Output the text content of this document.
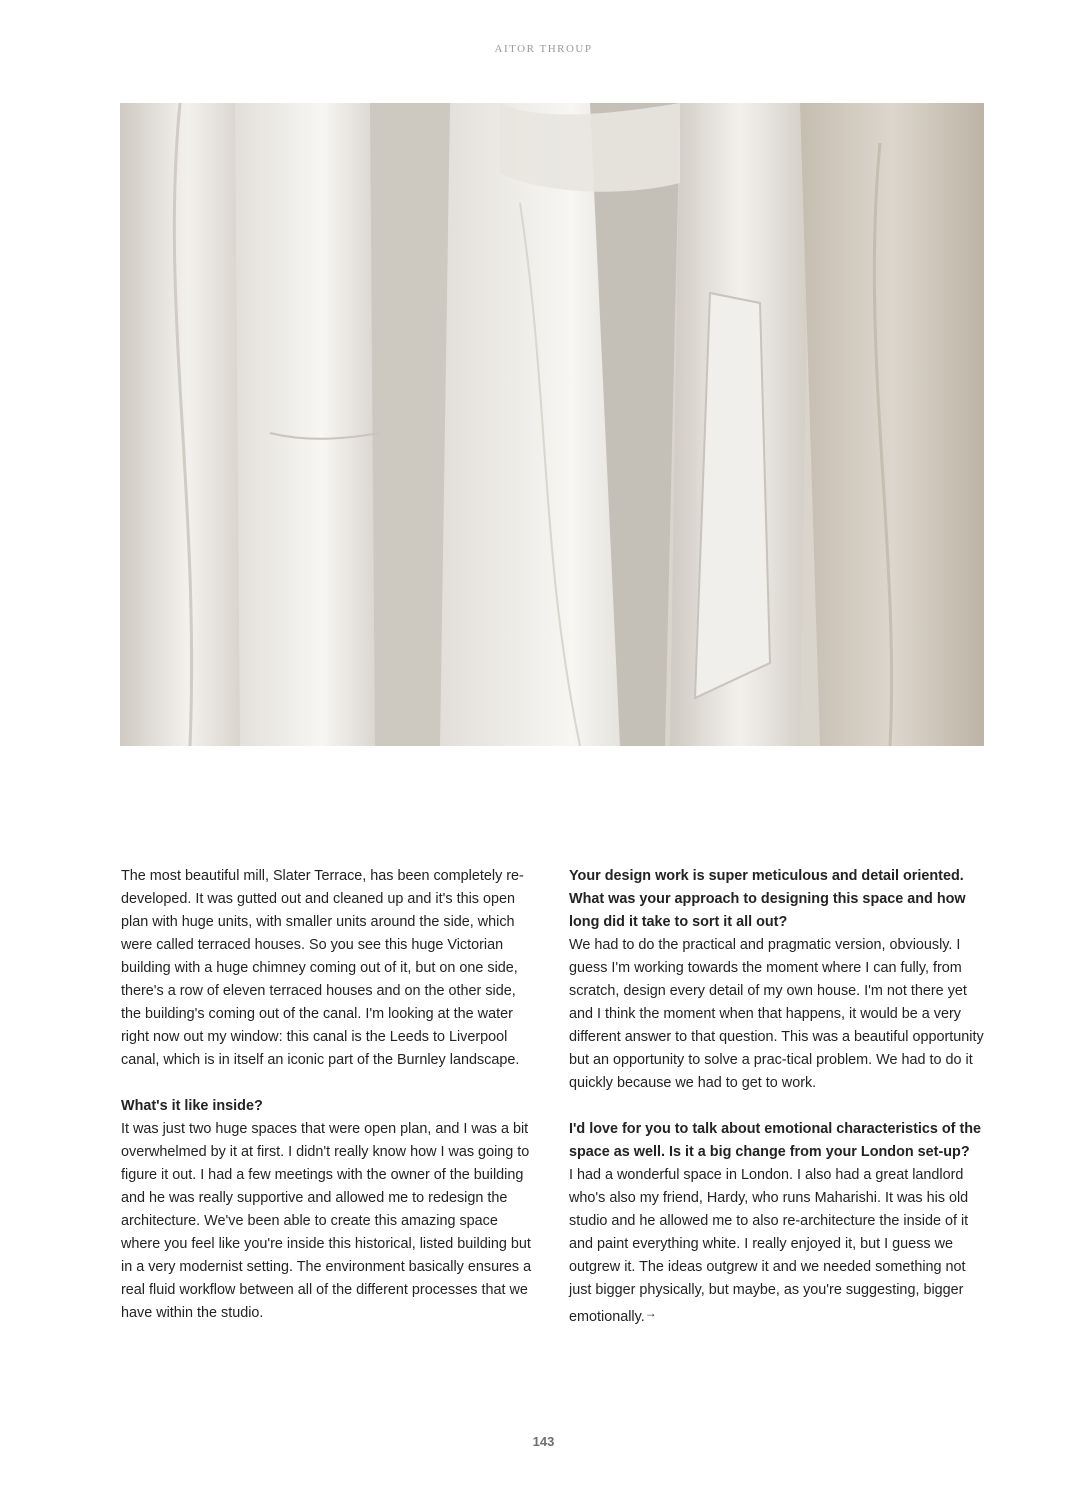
AITOR THROUP

The most beautiful mill, Slater Terrace, has been completely re-developed. It was gutted out and cleaned up and it's this open plan with huge units, with smaller units around the side, which were called terraced houses. So you see this huge Victorian building with a huge chimney coming out of it, but on one side, there's a row of eleven terraced houses and on the other side, the building's coming out of the canal. I'm looking at the water right now out my window: this canal is the Leeds to Liverpool canal, which is in itself an iconic part of the Burnley landscape.

What's it like inside?

It was just two huge spaces that were open plan, and I was a bit overwhelmed by it at first. I didn't really know how I was going to figure it out. I had a few meetings with the owner of the building and he was really supportive and allowed me to redesign the architecture. We've been able to create this amazing space where you feel like you're inside this historical, listed building but in a very modernist setting. The environment basically ensures a real fluid workflow between all of the different processes that we have within the studio.

Your design work is super meticulous and detail oriented. What was your approach to designing this space and how long did it take to sort it all out?

We had to do the practical and pragmatic version, obviously. I guess I'm working towards the moment where I can fully, from scratch, design every detail of my own house. I'm not there yet and I think the moment when that happens, it would be a very different answer to that question. This was a beautiful opportunity but an opportunity to solve a prac-tical problem. We had to do it quickly because we had to get to work.

I'd love for you to talk about emotional characteristics of the space as well. Is it a big change from your London set-up?

I had a wonderful space in London. I also had a great landlord who's also my friend, Hardy, who runs Maharishi. It was his old studio and he allowed me to also re-architecture the inside of it and paint everything white. I really enjoyed it, but I guess we outgrew it. The ideas outgrew it and we needed something not just bigger physically, but maybe, as you're suggesting, bigger emotionally.→

143
